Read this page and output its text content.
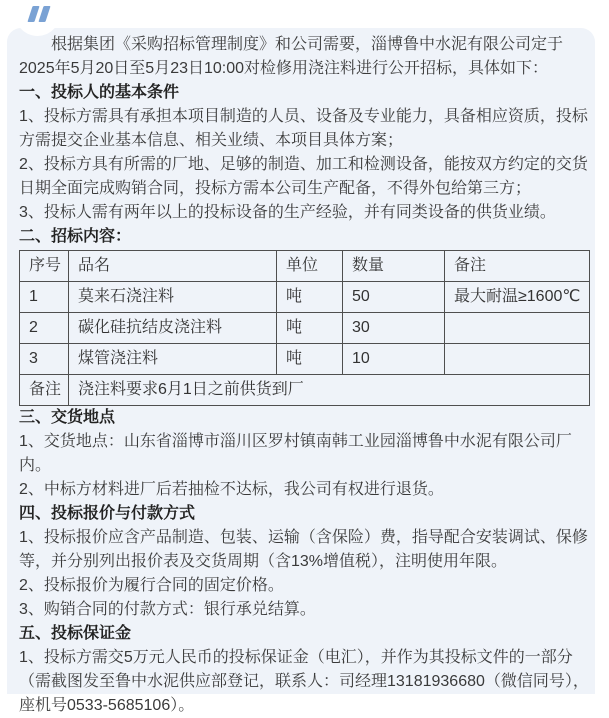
根据集团《采购招标管理制度》和公司需要，淄博鲁中水泥有限公司定于2025年5月20日至5月23日10:00对检修用浇注料进行公开招标，具体如下：

一、投标人的基本条件

1、投标方需具有承担本项目制造的人员、设备及专业能力，具备相应资质，投标方需提交企业基本信息、相关业绩、本项目具体方案；

2、投标方具有所需的厂地、足够的制造、加工和检测设备，能按双方约定的交货日期全面完成购销合同，投标方需本公司生产配备，不得外包给第三方；

3、投标人需有两年以上的投标设备的生产经验，并有同类设备的供货业绩。

二、招标内容：
序号	品名	单位	数量	备注
1	莫来石浇注料	吨	50	最大耐温≥1600℃
2	碳化硅抗结皮浇注料	吨	30	
3	煤管浇注料	吨	10	
备注	浇注料要求6月1日之前供货到厂			
三、交货地点

1、交货地点：山东省淄博市淄川区罗村镇南韩工业园淄博鲁中水泥有限公司厂内。

2、中标方材料进厂后若抽检不达标，我公司有权进行退货。

四、投标报价与付款方式

1、投标报价应含产品制造、包装、运输（含保险）费，指导配合安装调试、保修等，并分别列出报价表及交货周期（含13%增值税），注明使用年限。

2、投标报价为履行合同的固定价格。

3、购销合同的付款方式：银行承兑结算。

五、投标保证金

1、投标方需交5万元人民币的投标保证金（电汇），并作为其投标文件的一部分（需截图发至鲁中水泥供应部登记，联系人：司经理13181936680（微信同号），座机号0533-5685106）。
